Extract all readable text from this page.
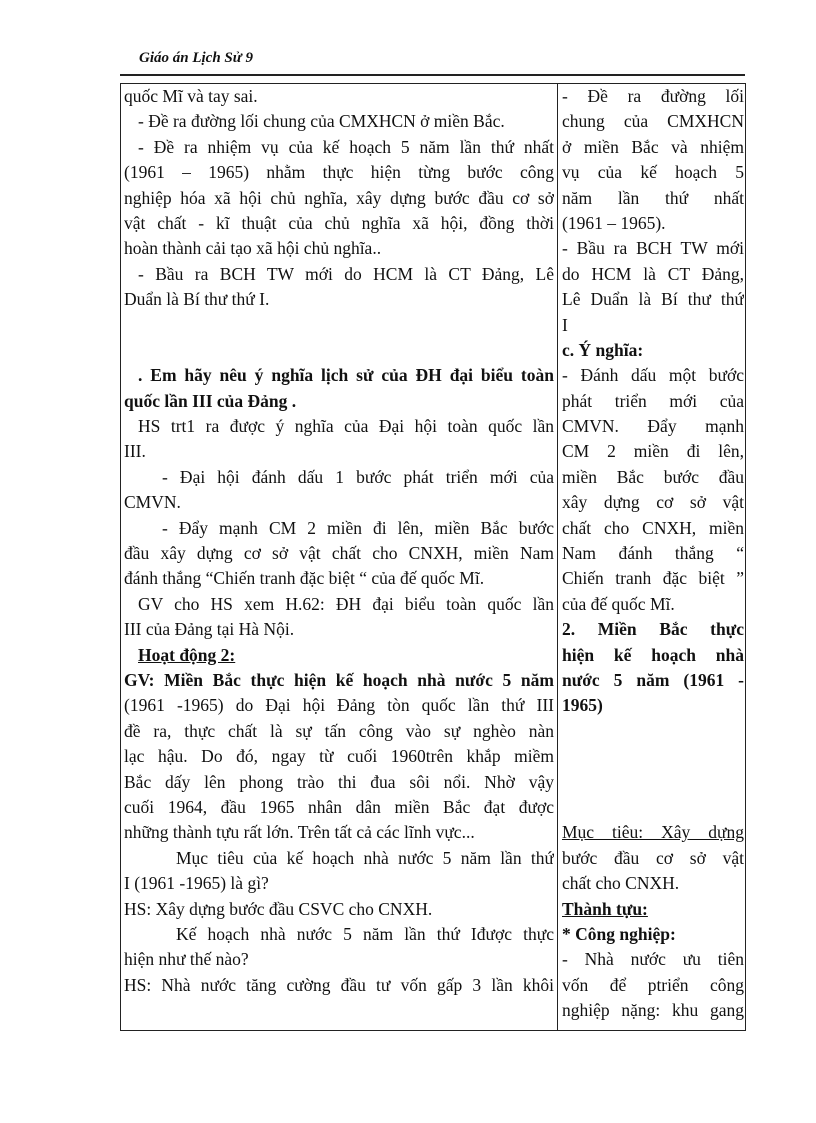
Giáo án Lịch Sử 9
quốc Mĩ và tay sai.
- Đề ra đường lối chung của CMXHCN ở miền Bắc.
- Đề ra nhiệm vụ của kế hoạch 5 năm lần thứ nhất
(1961 – 1965) nhằm thực hiện từng bước công
nghiệp hóa xã hội chủ nghĩa, xây dựng bước đầu cơ sở
vật chất - kĩ thuật của chủ nghĩa xã hội, đồng thời
hoàn thành cải tạo xã hội chủ nghĩa..
- Bầu ra BCH TW mới do HCM là CT Đảng, Lê
Duẩn là Bí thư thứ I.
. Em hãy nêu ý nghĩa lịch sử của ĐH đại biểu toàn
quốc lần III của Đảng .
HS trt1 ra được ý nghĩa của Đại hội toàn quốc lần
III.
- Đại hội đánh dấu 1 bước phát triển mới của
CMVN.
- Đẩy mạnh CM 2 miền đi lên, miền Bắc bước
đầu xây dựng cơ sở vật chất cho CNXH, miền Nam
đánh thắng “Chiến tranh đặc biệt “ của đế quốc Mĩ.
GV cho HS xem H.62: ĐH đại biểu toàn quốc lần
III của Đảng tại Hà Nội.
Hoạt động 2:
GV: Miền Bắc thực hiện kế hoạch nhà nước 5 năm
(1961 -1965) do Đại hội Đảng tòn quốc lần thứ III
đề ra, thực chất là sự tấn công vào sự nghèo nàn
lạc hậu. Do đó, ngay từ cuối 1960trên khắp miềm
Bắc dấy lên phong trào thi đua sôi nổi. Nhờ vậy
cuối 1964, đầu 1965 nhân dân miền Bắc đạt được
những thành tựu rất lớn. Trên tất cả các lĩnh vực...
Mục tiêu của kế hoạch nhà nước 5 năm lần thứ
I (1961 -1965) là gì?
HS: Xây dựng bước đầu CSVC cho CNXH.
Kế hoạch nhà nước 5 năm lần thứ Iđược thực
hiện như thế nào?
HS: Nhà nước tăng cường đầu tư vốn gấp 3 lần khôi
- Đề ra đường lối
chung của CMXHCN
ở miền Bắc và nhiệm
vụ của kế hoạch 5
năm lần thứ nhất
(1961 – 1965).
- Bầu ra BCH TW mới
do HCM là CT Đảng,
Lê Duẩn là Bí thư thứ
I
c. Ý nghĩa:
- Đánh dấu một bước
phát triển mới của
CMVN. Đẩy mạnh
CM 2 miền đi lên,
miền Bắc bước đầu
xây dựng cơ sở vật
chất cho CNXH, miền
Nam đánh thắng “
Chiến tranh đặc biệt ”
của đế quốc Mĩ.
2. Miền Bắc thực
hiện kế hoạch nhà
nước 5 năm (1961 -
1965)
Mục tiêu: Xây dựng
bước đầu cơ sở vật
chất cho CNXH.
Thành tựu:
* Công nghiệp:
- Nhà nước ưu tiên
vốn để ptriển công
nghiệp nặng: khu gang
